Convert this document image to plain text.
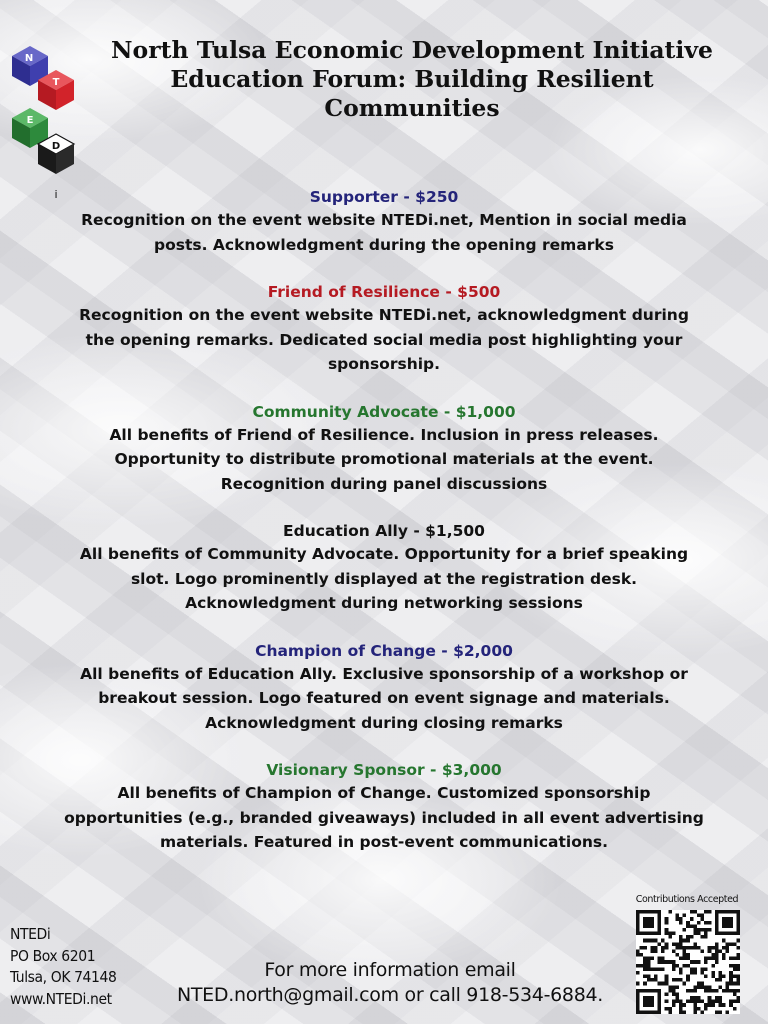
N
T
E
D
i
North Tulsa Economic Development Initiative
Education Forum: Building Resilient
Communities
Supporter - $250
Recognition on the event website NTEDi.net, Mention in social media
posts. Acknowledgment during the opening remarks
Friend of Resilience - $500
Recognition on the event website NTEDi.net, acknowledgment during
the opening remarks. Dedicated social media post highlighting your
sponsorship.
Community Advocate - $1,000
All benefits of Friend of Resilience. Inclusion in press releases.
Opportunity to distribute promotional materials at the event.
Recognition during panel discussions
Education Ally - $1,500
All benefits of Community Advocate. Opportunity for a brief speaking
slot. Logo prominently displayed at the registration desk.
Acknowledgment during networking sessions
Champion of Change - $2,000
All benefits of Education Ally. Exclusive sponsorship of a workshop or
breakout session. Logo featured on event signage and materials.
Acknowledgment during closing remarks
Visionary Sponsor - $3,000
All benefits of Champion of Change. Customized sponsorship
opportunities (e.g., branded giveaways) included in all event advertising
materials. Featured in post-event communications.
NTEDi
PO Box 6201
Tulsa, OK 74148
www.NTEDi.net
For more information email
NTED.north@gmail.com or call 918-534-6884.
Contributions Accepted
